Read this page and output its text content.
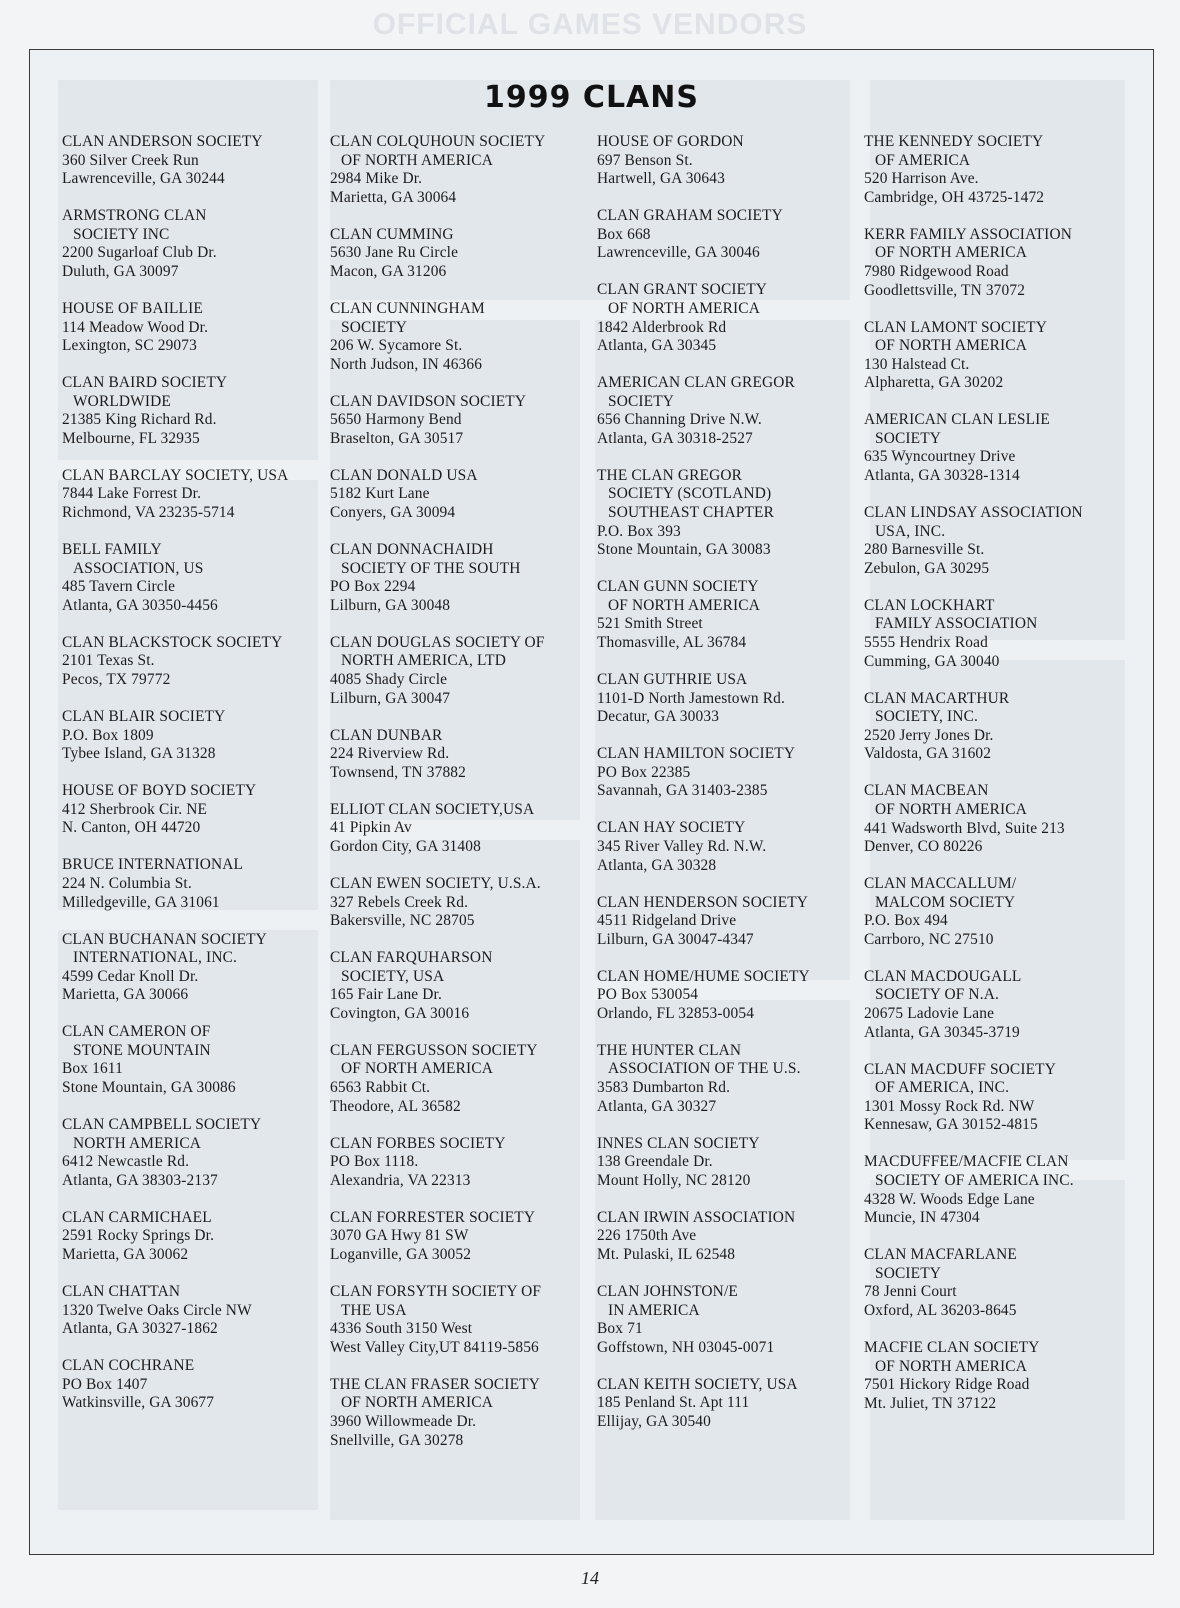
OFFICIAL GAMES VENDORS
1999 CLANS
CLAN ANDERSON SOCIETY
360 Silver Creek Run
Lawrenceville, GA 30244
ARMSTRONG CLAN
SOCIETY INC
2200 Sugarloaf Club Dr.
Duluth, GA 30097
HOUSE OF BAILLIE
114 Meadow Wood Dr.
Lexington, SC 29073
CLAN BAIRD SOCIETY
WORLDWIDE
21385 King Richard Rd.
Melbourne, FL 32935
CLAN BARCLAY SOCIETY, USA
7844 Lake Forrest Dr.
Richmond, VA 23235-5714
BELL FAMILY
ASSOCIATION, US
485 Tavern Circle
Atlanta, GA 30350-4456
CLAN BLACKSTOCK SOCIETY
2101 Texas St.
Pecos, TX 79772
CLAN BLAIR SOCIETY
P.O. Box 1809
Tybee Island, GA 31328
HOUSE OF BOYD SOCIETY
412 Sherbrook Cir. NE
N. Canton, OH 44720
BRUCE INTERNATIONAL
224 N. Columbia St.
Milledgeville, GA 31061
CLAN BUCHANAN SOCIETY
INTERNATIONAL, INC.
4599 Cedar Knoll Dr.
Marietta, GA 30066
CLAN CAMERON OF
STONE MOUNTAIN
Box 1611
Stone Mountain, GA 30086
CLAN CAMPBELL SOCIETY
NORTH AMERICA
6412 Newcastle Rd.
Atlanta, GA 38303-2137
CLAN CARMICHAEL
2591 Rocky Springs Dr.
Marietta, GA 30062
CLAN CHATTAN
1320 Twelve Oaks Circle NW
Atlanta, GA 30327-1862
CLAN COCHRANE
PO Box 1407
Watkinsville, GA 30677
CLAN COLQUHOUN SOCIETY
OF NORTH AMERICA
2984 Mike Dr.
Marietta, GA 30064
CLAN CUMMING
5630 Jane Ru Circle
Macon, GA 31206
CLAN CUNNINGHAM
SOCIETY
206 W. Sycamore St.
North Judson, IN 46366
CLAN DAVIDSON SOCIETY
5650 Harmony Bend
Braselton, GA 30517
CLAN DONALD USA
5182 Kurt Lane
Conyers, GA 30094
CLAN DONNACHAIDH
SOCIETY OF THE SOUTH
PO Box 2294
Lilburn, GA 30048
CLAN DOUGLAS SOCIETY OF
NORTH AMERICA, LTD
4085 Shady Circle
Lilburn, GA 30047
CLAN DUNBAR
224 Riverview Rd.
Townsend, TN 37882
ELLIOT CLAN SOCIETY,USA
41 Pipkin Av
Gordon City, GA 31408
CLAN EWEN SOCIETY, U.S.A.
327 Rebels Creek Rd.
Bakersville, NC 28705
CLAN FARQUHARSON
SOCIETY, USA
165 Fair Lane Dr.
Covington, GA 30016
CLAN FERGUSSON SOCIETY
OF NORTH AMERICA
6563 Rabbit Ct.
Theodore, AL 36582
CLAN FORBES SOCIETY
PO Box 1118.
Alexandria, VA 22313
CLAN FORRESTER SOCIETY
3070 GA Hwy 81 SW
Loganville, GA 30052
CLAN FORSYTH SOCIETY OF
THE USA
4336 South 3150 West
West Valley City,UT 84119-5856
THE CLAN FRASER SOCIETY
OF NORTH AMERICA
3960 Willowmeade Dr.
Snellville, GA 30278
HOUSE OF GORDON
697 Benson St.
Hartwell, GA 30643
CLAN GRAHAM SOCIETY
Box 668
Lawrenceville, GA 30046
CLAN GRANT SOCIETY
OF NORTH AMERICA
1842 Alderbrook Rd
Atlanta, GA 30345
AMERICAN CLAN GREGOR
SOCIETY
656 Channing Drive N.W.
Atlanta, GA 30318-2527
THE CLAN GREGOR
SOCIETY (SCOTLAND)
SOUTHEAST CHAPTER
P.O. Box 393
Stone Mountain, GA 30083
CLAN GUNN SOCIETY
OF NORTH AMERICA
521 Smith Street
Thomasville, AL 36784
CLAN GUTHRIE USA
1101-D North Jamestown Rd.
Decatur, GA 30033
CLAN HAMILTON SOCIETY
PO Box 22385
Savannah, GA 31403-2385
CLAN HAY SOCIETY
345 River Valley Rd. N.W.
Atlanta, GA 30328
CLAN HENDERSON SOCIETY
4511 Ridgeland Drive
Lilburn, GA 30047-4347
CLAN HOME/HUME SOCIETY
PO Box 530054
Orlando, FL 32853-0054
THE HUNTER CLAN
ASSOCIATION OF THE U.S.
3583 Dumbarton Rd.
Atlanta, GA 30327
INNES CLAN SOCIETY
138 Greendale Dr.
Mount Holly, NC 28120
CLAN IRWIN ASSOCIATION
226 1750th Ave
Mt. Pulaski, IL 62548
CLAN JOHNSTON/E
IN AMERICA
Box 71
Goffstown, NH 03045-0071
CLAN KEITH SOCIETY, USA
185 Penland St. Apt 111
Ellijay, GA 30540
THE KENNEDY SOCIETY
OF AMERICA
520 Harrison Ave.
Cambridge, OH 43725-1472
KERR FAMILY ASSOCIATION
OF NORTH AMERICA
7980 Ridgewood Road
Goodlettsville, TN 37072
CLAN LAMONT SOCIETY
OF NORTH AMERICA
130 Halstead Ct.
Alpharetta, GA 30202
AMERICAN CLAN LESLIE
SOCIETY
635 Wyncourtney Drive
Atlanta, GA 30328-1314
CLAN LINDSAY ASSOCIATION
USA, INC.
280 Barnesville St.
Zebulon, GA 30295
CLAN LOCKHART
FAMILY ASSOCIATION
5555 Hendrix Road
Cumming, GA 30040
CLAN MACARTHUR
SOCIETY, INC.
2520 Jerry Jones Dr.
Valdosta, GA 31602
CLAN MACBEAN
OF NORTH AMERICA
441 Wadsworth Blvd, Suite 213
Denver, CO 80226
CLAN MACCALLUM/
MALCOM SOCIETY
P.O. Box 494
Carrboro, NC 27510
CLAN MACDOUGALL
SOCIETY OF N.A.
20675 Ladovie Lane
Atlanta, GA 30345-3719
CLAN MACDUFF SOCIETY
OF AMERICA, INC.
1301 Mossy Rock Rd. NW
Kennesaw, GA 30152-4815
MACDUFFEE/MACFIE CLAN
SOCIETY OF AMERICA INC.
4328 W. Woods Edge Lane
Muncie, IN 47304
CLAN MACFARLANE
SOCIETY
78 Jenni Court
Oxford, AL 36203-8645
MACFIE CLAN SOCIETY
OF NORTH AMERICA
7501 Hickory Ridge Road
Mt. Juliet, TN 37122
14
